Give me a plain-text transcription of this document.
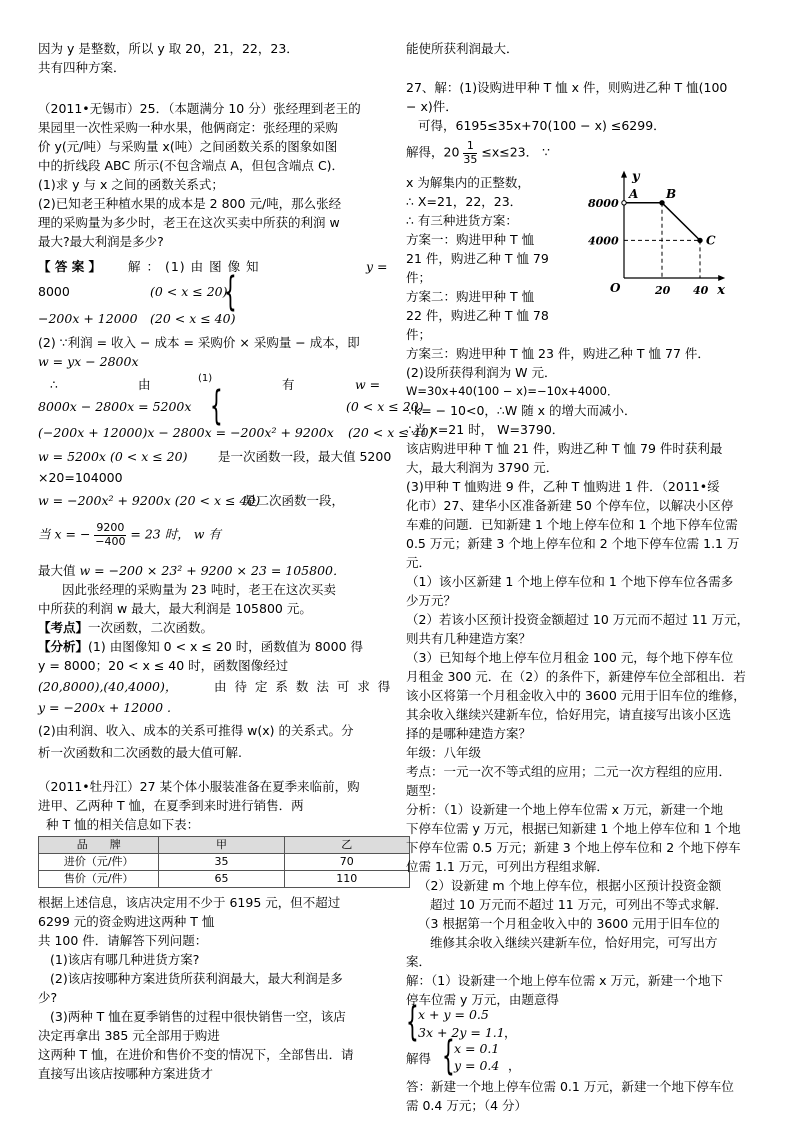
因为 y 是整数，所以 y 取 20，21，22，23．
共有四种方案．
（2011•无锡市）25．（本题满分 10 分）张经理到老王的
果园里一次性采购一种水果，他俩商定：张经理的采购
价 y(元/吨）与采购量 x(吨）之间函数关系的图象如图
中的折线段 ABC 所示(不包含端点 A，但包含端点 C)．
(1)求 y 与 x 之间的函数关系式；
(2)已知老王种植水果的成本是 2 800 元/吨，那么张经
理的采购量为多少时，老王在这次买卖中所获的利润 w
最大?最大利润是多少?
【 答 案 】 解 ： (1) 由 图 像 知	y =
8000	(0 < x ≤ 20)
{
−200x + 12000 (20 < x ≤ 40)
(2) ∵利润 = 收入 − 成本 = 采购价 × 采购量 − 成本，即
w = yx − 2800x
∴	由	(1)	有	w =
{
8000x − 2800x = 5200x	(0 < x ≤ 20)
(−200x + 12000)x − 2800x = −200x² + 9200x (20 < x ≤ 40)
w = 5200x (0 < x ≤ 20) 是一次函数一段，最大值 5200
×20=104000
w = −200x² + 9200x (20 < x ≤ 40)
是二次函数一段，
当 x = − $\frac{9200}{-400} = 23$ 时， w 有
最大值 w = −200 × 23² + 9200 × 23 = 105800．
因此张经理的采购量为 23 吨时，老王在这次买卖
中所获的利润 w 最大，最大利润是 105800 元。
【考点】一次函数，二次函数。
【分析】(1) 由图像知 0 < x ≤ 20 时，函数值为 8000 得
y = 8000；20 < x ≤ 40 时，函数图像经过
(20,8000),(40,4000)，	由 待 定 系 数 法 可 求 得
y = −200x + 12000 .
(2)由利润、收入、成本的关系可推得 w(x) 的关系式。分
析一次函数和二次函数的最大值可解.
（2011•牡丹江）27 某个体小服装准备在夏季来临前，购
进甲、乙两种 T 恤，在夏季到来时进行销售．两
种 T 恤的相关信息如下表：
品　　牌	甲	乙
进价（元/件）	35	70
售价（元/件）	65	110
根据上述信息，该店决定用不少于 6195 元，但不超过
6299 元的资金购进这两种 T 恤
共 100 件．请解答下列问题：
(1)该店有哪几种进货方案?
(2)该店按哪种方案进货所获利润最大，最大利润是多
少?
(3)两种 T 恤在夏季销售的过程中很快销售一空，该店
决定再拿出 385 元全部用于购进
这两种 T 恤，在进价和售价不变的情况下，全部售出．请
直接写出该店按哪种方案进货才
能使所获利润最大．
27、解：(1)设购进甲种 T 恤 x 件，则购进乙种 T 恤(100
− x)件．
可得，6195≤35x+70(100 − x) ≤6299．
解得，$20 \frac{1}{35} \le x\le 23$． ∵
x 为解集内的正整数，
∴ X=21，22，23．
∴ 有三种进货方案：
方案一：购进甲种 T 恤
21 件，购进乙种 T 恤 79
件；
方案二：购进甲种 T 恤
22 件，购进乙种 T 恤 78
件；
方案三：购进甲种 T 恤 23 件，购进乙种 T 恤 77 件．
(2)设所获得利润为 W 元．
W=30x+40(100 − x)=−10x+4000．
∵k= − 10<0，∴W 随 x 的增大而减小．
∴当 x=21 时， W=3790．
该店购进甲种 T 恤 21 件，购进乙种 T 恤 79 件时获利最
大，最大利润为 3790 元．
(3)甲种 T 恤购进 9 件，乙种 T 恤购进 1 件．（2011•绥
化市）27、建华小区准备新建 50 个停车位，以解决小区停
车难的问题．已知新建 1 个地上停车位和 1 个地下停车位需
0.5 万元；新建 3 个地上停车位和 2 个地下停车位需 1.1 万
元．
（1）该小区新建 1 个地上停车位和 1 个地下停车位各需多
少万元？
（2）若该小区预计投资金额超过 10 万元而不超过 11 万元，
则共有几种建造方案？
（3）已知每个地上停车位月租金 100 元，每个地下停车位
月租金 300 元．在（2）的条件下，新建停车位全部租出．若
该小区将第一个月租金收入中的 3600 元用于旧车位的维修，
其余收入继续兴建新车位，恰好用完，请直接写出该小区选
择的是哪种建造方案？
年级：八年级
考点：一元一次不等式组的应用；二元一次方程组的应用．
题型：
分析：（1）设新建一个地上停车位需 x 万元，新建一个地
下停车位需 y 万元，根据已知新建 1 个地上停车位和 1 个地
下停车位需 0.5 万元；新建 3 个地上停车位和 2 个地下停车
位需 1.1 万元，可列出方程组求解．
（2）设新建 m 个地上停车位，根据小区预计投资金额
超过 10 万元而不超过 11 万元，可列出不等式求解．
（3 根据第一个月租金收入中的 3600 元用于旧车位的
维修其余收入继续兴建新车位，恰好用完，可写出方
案．
解：（1）设新建一个地上停车位需 x 万元，新建一个地下
停车位需 y 万元，由题意得
{ x + y = 0.5
3x + 2y = 1.1 ，
解得 { x = 0.1
y = 0.4 ，
答：新建一个地上停车位需 0.1 万元，新建一个地下停车位
需 0.4 万元；（4 分）
x
y
O
A B
C
20 40
8000
4000
